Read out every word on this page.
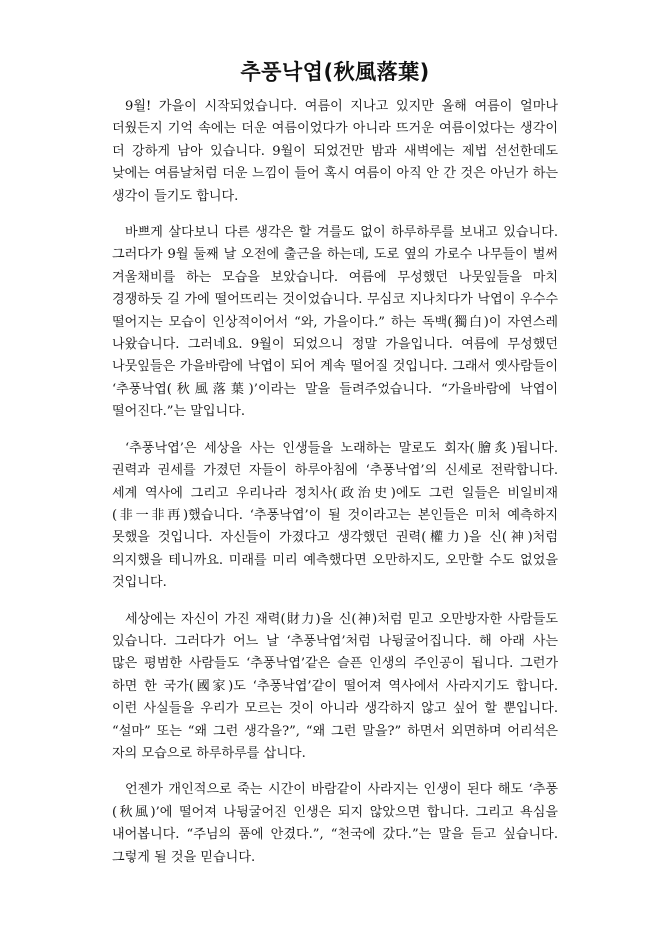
추풍낙엽(秋風落葉)

9월! 가을이 시작되었습니다. 여름이 지나고 있지만 올해 여름이 얼마나 더웠든지 기억 속에는 더운 여름이었다가 아니라 뜨거운 여름이었다는 생각이 더 강하게 남아 있습니다. 9월이 되었건만 밤과 새벽에는 제법 선선한데도 낮에는 여름날처럼 더운 느낌이 들어 혹시 여름이 아직 안 간 것은 아닌가 하는 생각이 들기도 합니다.

바쁘게 살다보니 다른 생각은 할 겨를도 없이 하루하루를 보내고 있습니다. 그러다가 9월 둘째 날 오전에 출근을 하는데, 도로 옆의 가로수 나무들이 벌써 겨울채비를 하는 모습을 보았습니다. 여름에 무성했던 나뭇잎들을 마치 경쟁하듯 길 가에 떨어뜨리는 것이었습니다. 무심코 지나치다가 낙엽이 우수수 떨어지는 모습이 인상적이어서 “와, 가을이다.” 하는 독백(獨白)이 자연스레 나왔습니다. 그러네요. 9월이 되었으니 정말 가을입니다. 여름에 무성했던 나뭇잎들은 가을바람에 낙엽이 되어 계속 떨어질 것입니다. 그래서 옛사람들이 ‘추풍낙엽(秋風落葉)’이라는 말을 들려주었습니다. “가을바람에 낙엽이 떨어진다.”는 말입니다.

‘추풍낙엽’은 세상을 사는 인생들을 노래하는 말로도 회자(膾炙)됩니다. 권력과 권세를 가졌던 자들이 하루아침에 ‘추풍낙엽’의 신세로 전락합니다. 세계 역사에 그리고 우리나라 정치사(政治史)에도 그런 일들은 비일비재(非一非再)했습니다. ‘추풍낙엽’이 될 것이라고는 본인들은 미처 예측하지 못했을 것입니다. 자신들이 가졌다고 생각했던 권력(權力)을 신(神)처럼 의지했을 테니까요. 미래를 미리 예측했다면 오만하지도, 오만할 수도 없었을 것입니다.

세상에는 자신이 가진 재력(財力)을 신(神)처럼 믿고 오만방자한 사람들도 있습니다. 그러다가 어느 날 ‘추풍낙엽’처럼 나뒹굴어집니다. 해 아래 사는 많은 평범한 사람들도 ‘추풍낙엽’같은 슬픈 인생의 주인공이 됩니다. 그런가 하면 한 국가(國家)도 ‘추풍낙엽’같이 떨어져 역사에서 사라지기도 합니다. 이런 사실들을 우리가 모르는 것이 아니라 생각하지 않고 싶어 할 뿐입니다. “설마” 또는 “왜 그런 생각을?”, “왜 그런 말을?” 하면서 외면하며 어리석은 자의 모습으로 하루하루를 삽니다.

언젠가 개인적으로 죽는 시간이 바람같이 사라지는 인생이 된다 해도 ‘추풍(秋風)’에 떨어져 나뒹굴어진 인생은 되지 않았으면 합니다. 그리고 욕심을 내어봅니다. “주님의 품에 안겼다.”, “천국에 갔다.”는 말을 듣고 싶습니다. 그렇게 될 것을 믿습니다.
